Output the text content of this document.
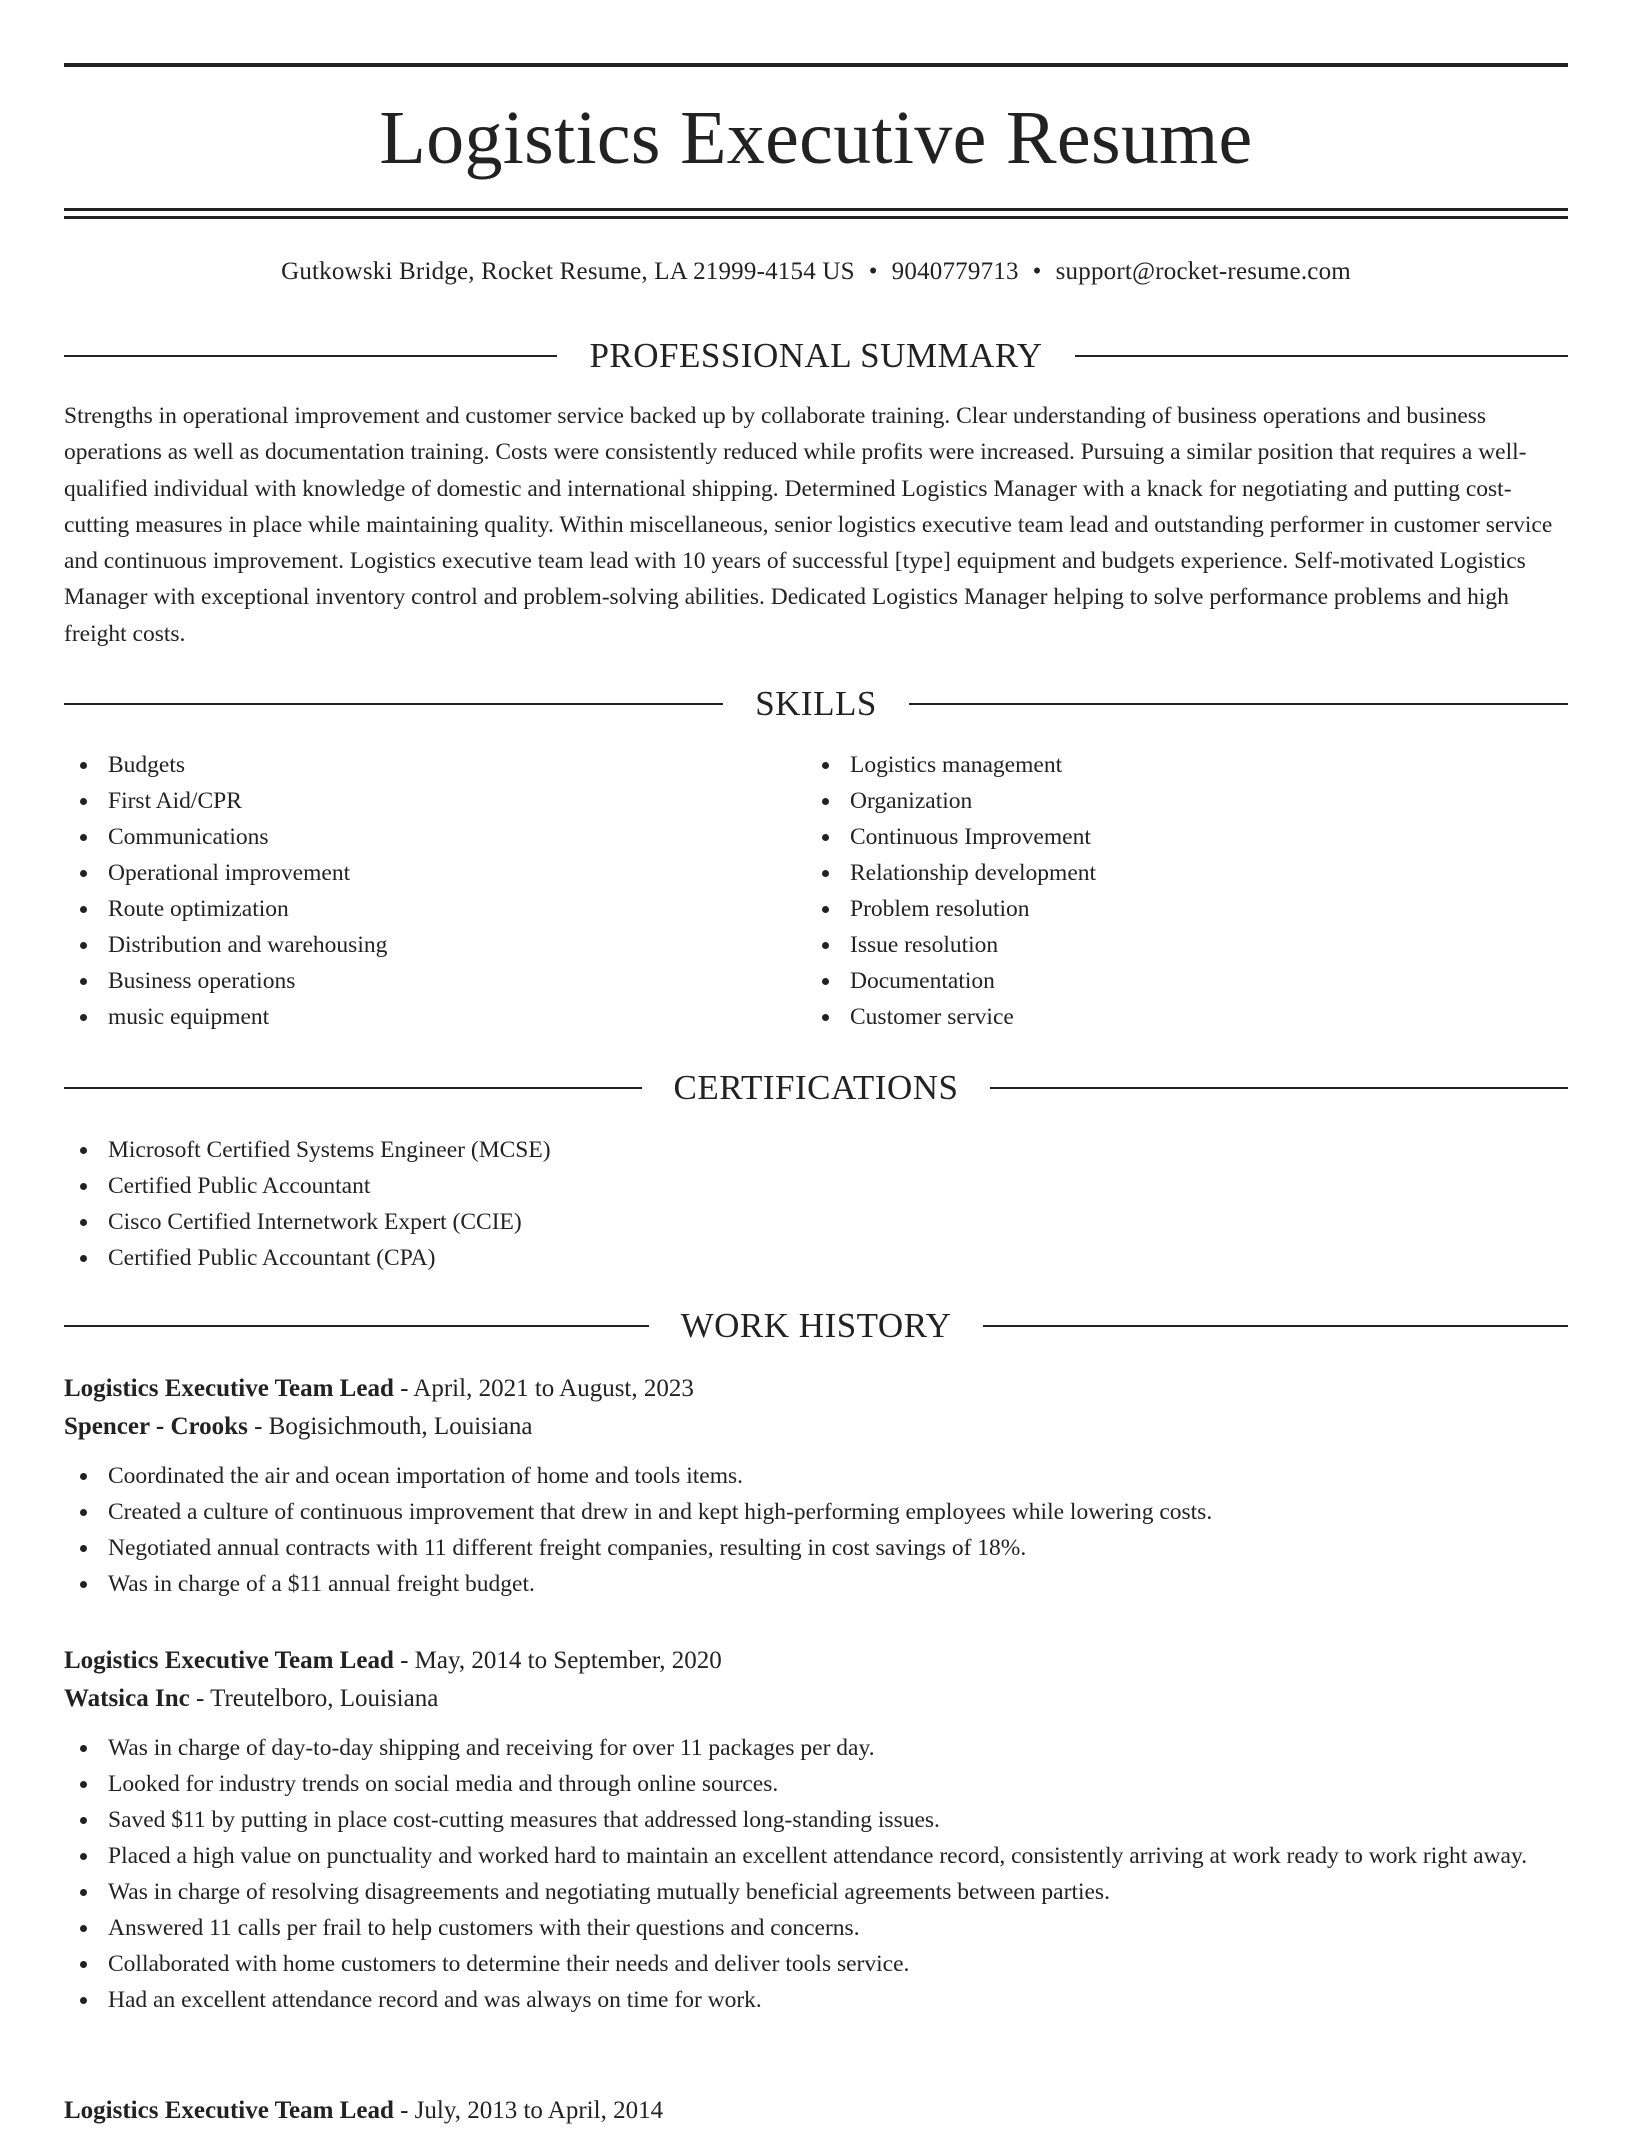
Logistics Executive Resume
Gutkowski Bridge, Rocket Resume, LA 21999-4154 US • 9040779713 • support@rocket-resume.com
PROFESSIONAL SUMMARY

Strengths in operational improvement and customer service backed up by collaborate training. Clear understanding of business operations and business operations as well as documentation training. Costs were consistently reduced while profits were increased. Pursuing a similar position that requires a well-qualified individual with knowledge of domestic and international shipping. Determined Logistics Manager with a knack for negotiating and putting cost-cutting measures in place while maintaining quality. Within miscellaneous, senior logistics executive team lead and outstanding performer in customer service and continuous improvement. Logistics executive team lead with 10 years of successful [type] equipment and budgets experience. Self-motivated Logistics Manager with exceptional inventory control and problem-solving abilities. Dedicated Logistics Manager helping to solve performance problems and high freight costs.

SKILLS
Budgets
First Aid/CPR
Communications
Operational improvement
Route optimization
Distribution and warehousing
Business operations
music equipment
Logistics management
Organization
Continuous Improvement
Relationship development
Problem resolution
Issue resolution
Documentation
Customer service
CERTIFICATIONS
Microsoft Certified Systems Engineer (MCSE)
Certified Public Accountant
Cisco Certified Internetwork Expert (CCIE)
Certified Public Accountant (CPA)
WORK HISTORY
Logistics Executive Team Lead - April, 2021 to August, 2023
Spencer - Crooks - Bogisichmouth, Louisiana
Coordinated the air and ocean importation of home and tools items.
Created a culture of continuous improvement that drew in and kept high-performing employees while lowering costs.
Negotiated annual contracts with 11 different freight companies, resulting in cost savings of 18%.
Was in charge of a $11 annual freight budget.
Logistics Executive Team Lead - May, 2014 to September, 2020
Watsica Inc - Treutelboro, Louisiana
Was in charge of day-to-day shipping and receiving for over 11 packages per day.
Looked for industry trends on social media and through online sources.
Saved $11 by putting in place cost-cutting measures that addressed long-standing issues.
Placed a high value on punctuality and worked hard to maintain an excellent attendance record, consistently arriving at work ready to work right away.
Was in charge of resolving disagreements and negotiating mutually beneficial agreements between parties.
Answered 11 calls per frail to help customers with their questions and concerns.
Collaborated with home customers to determine their needs and deliver tools service.
Had an excellent attendance record and was always on time for work.
Logistics Executive Team Lead - July, 2013 to April, 2014
